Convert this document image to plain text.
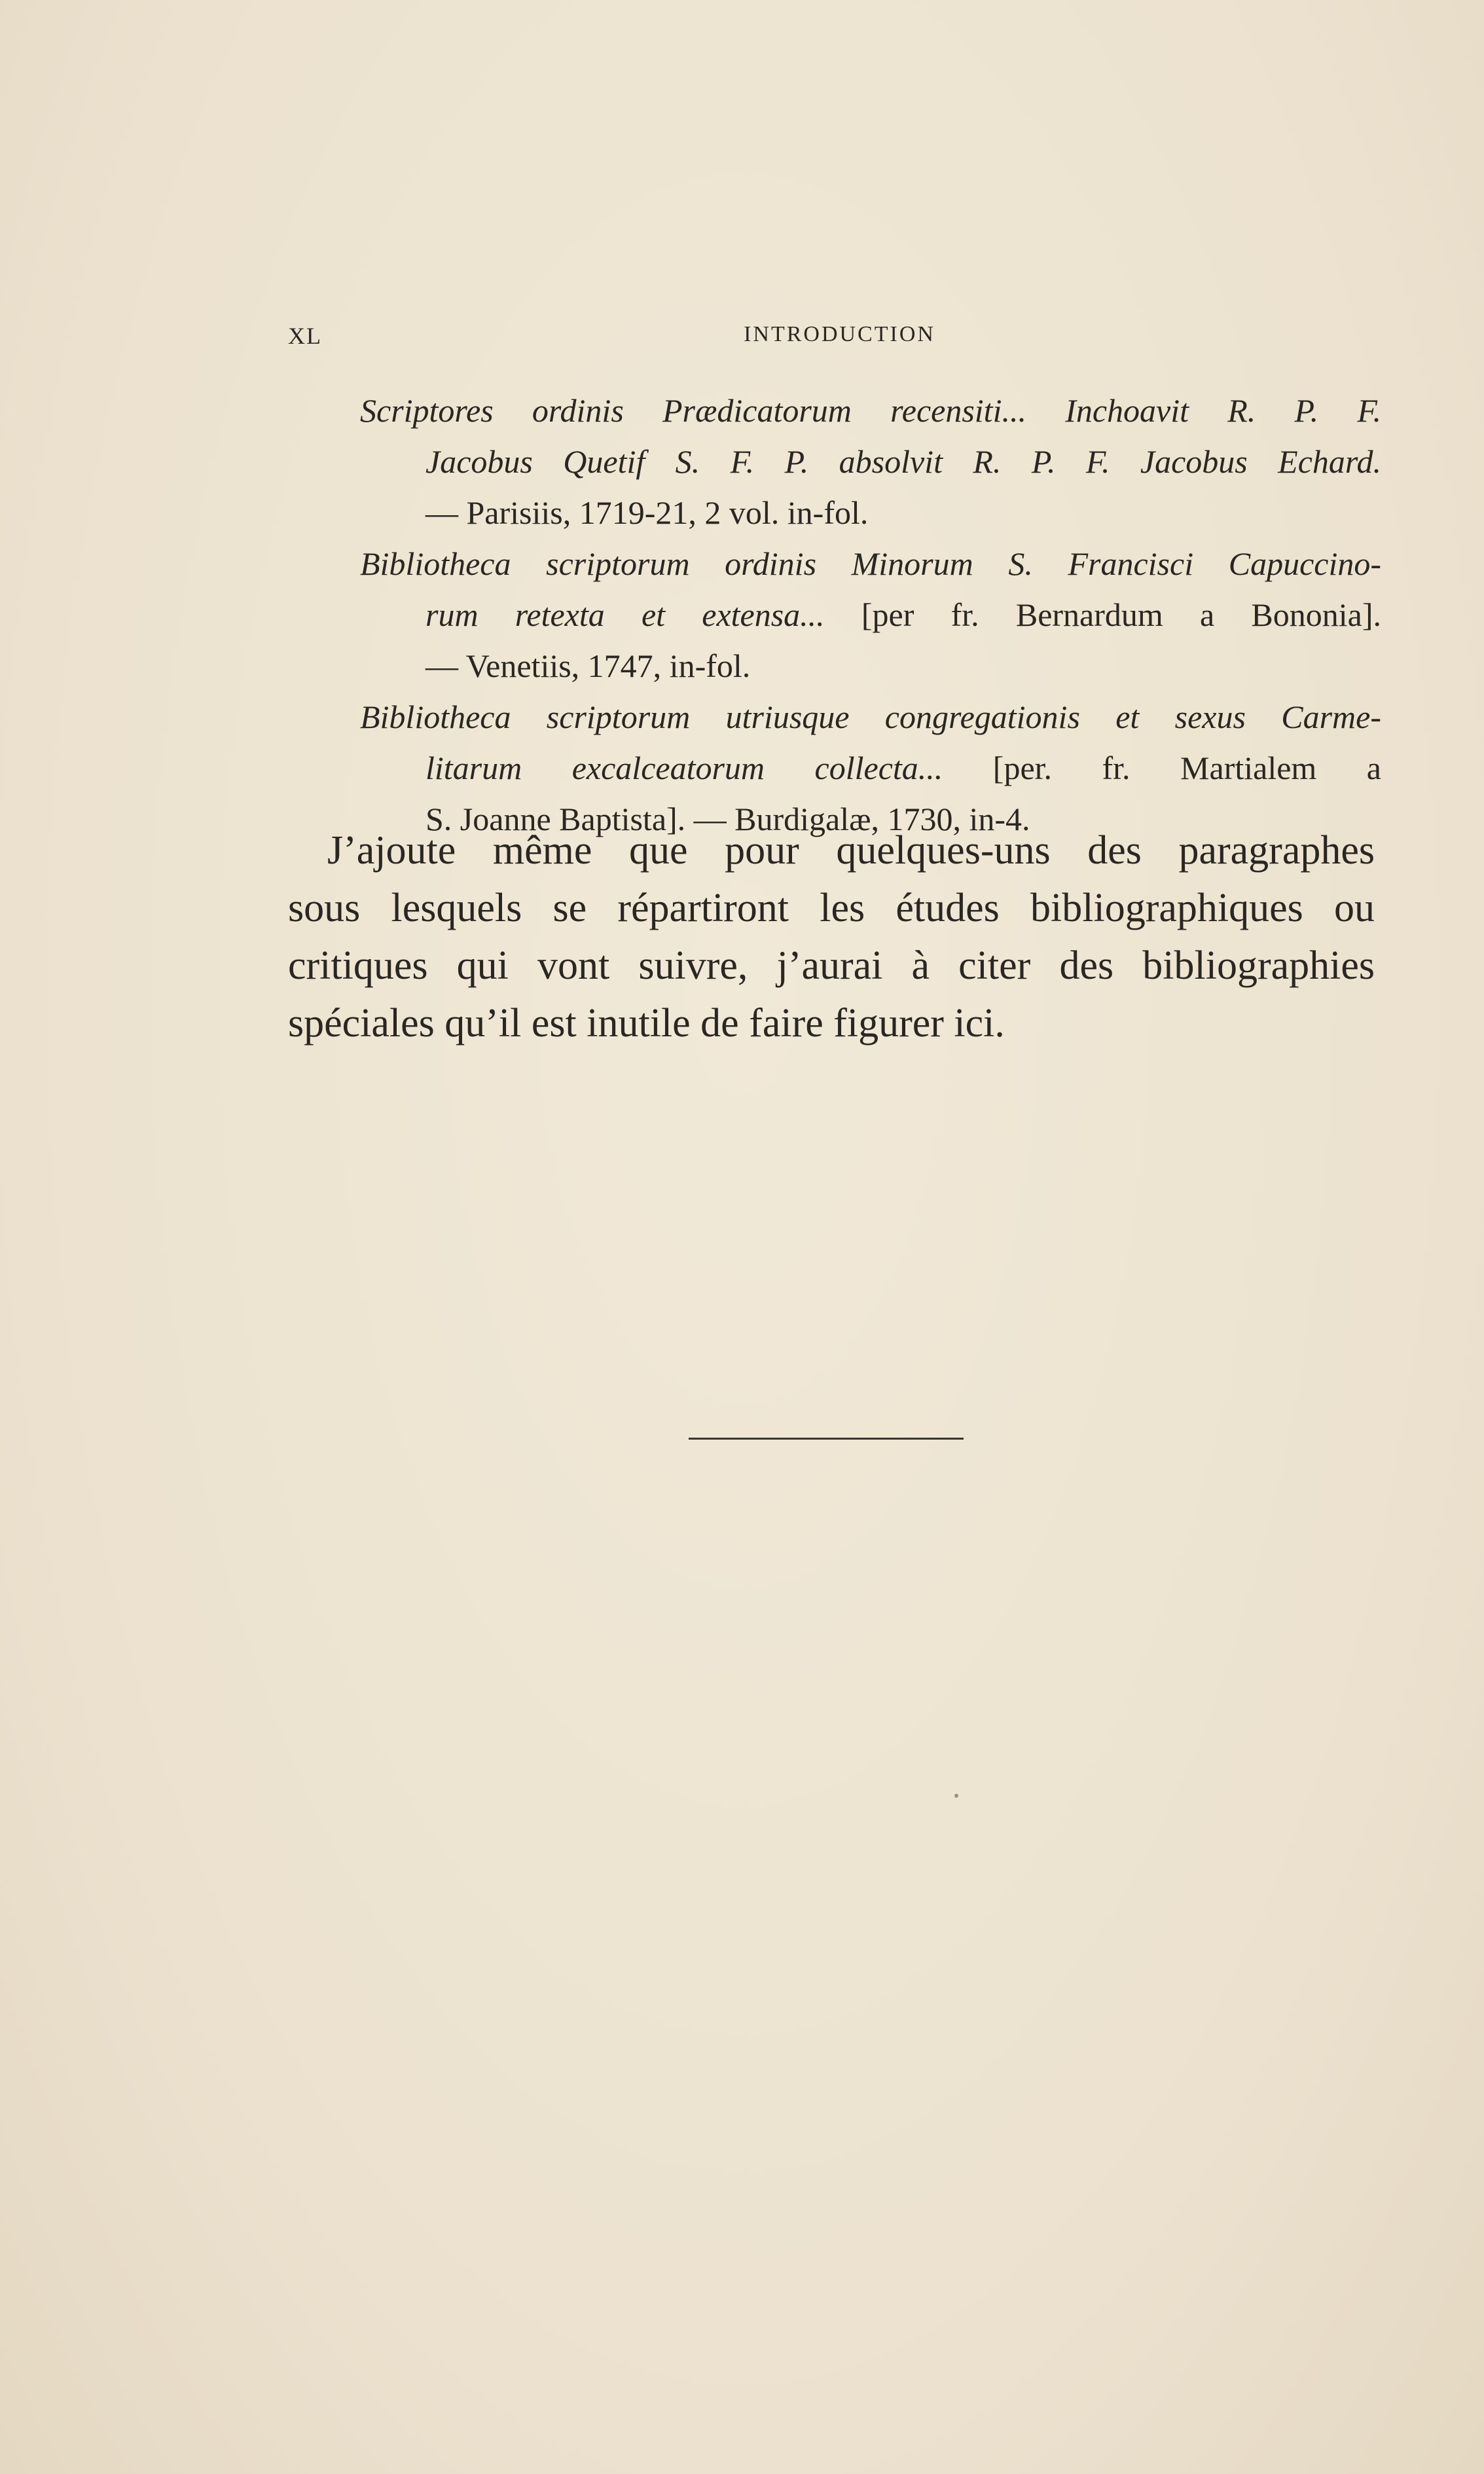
XL	INTRODUCTION
Scriptores ordinis Prædicatorum recensiti... Inchoavit R. P. F.
Jacobus Quetif S. F. P. absolvit R. P. F. Jacobus Echard.
— Parisiis, 1719-21, 2 vol. in-fol.
Bibliotheca scriptorum ordinis Minorum S. Francisci Capuccino-
rum retexta et extensa... [per fr. Bernardum a Bononia].
— Venetiis, 1747, in-fol.
Bibliotheca scriptorum utriusque congregationis et sexus Carme-
litarum excalceatorum collecta... [per. fr. Martialem a
S. Joanne Baptista]. — Burdigalæ, 1730, in-4.
J’ajoute même que pour quelques-uns des paragraphes
sous lesquels se répartiront les études bibliographiques ou
critiques qui vont suivre, j’aurai à citer des bibliographies
spéciales qu’il est inutile de faire figurer ici.
